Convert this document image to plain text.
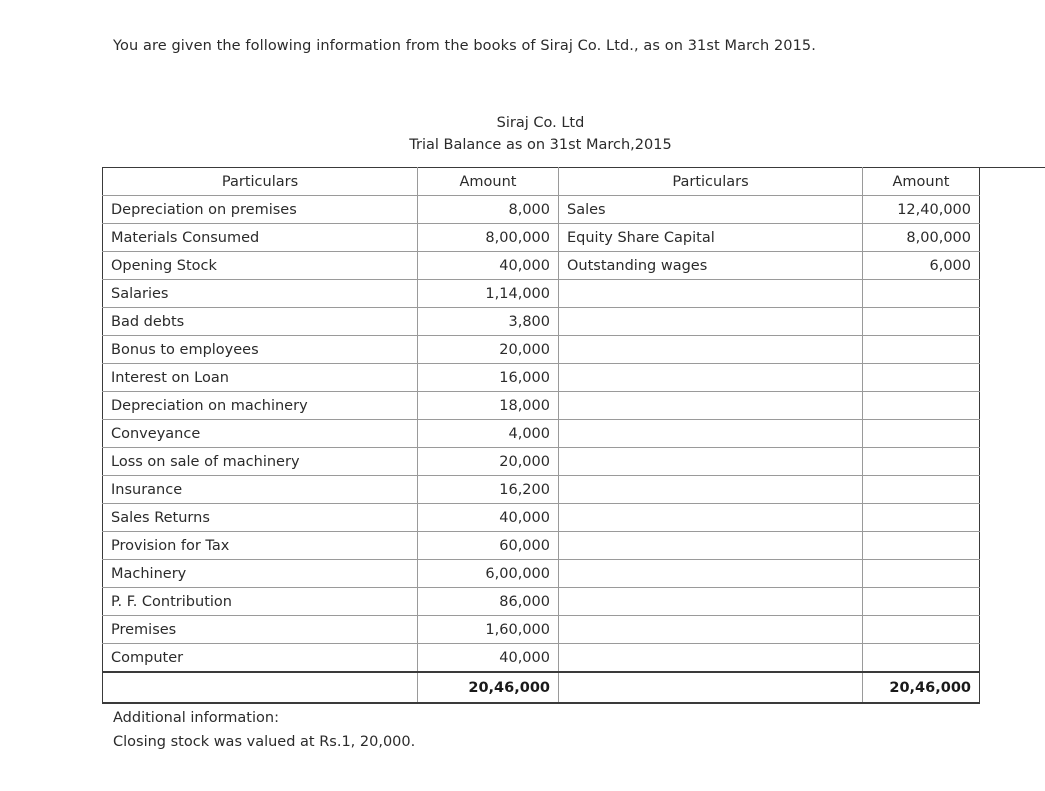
You are given the following information from the books of Siraj Co. Ltd., as on 31st March 2015.
Siraj Co. Ltd
Trial Balance as on 31st March,2015
Particulars	Amount	Particulars	Amount
Depreciation on premises	8,000	Sales	12,40,000
Materials Consumed	8,00,000	Equity Share Capital	8,00,000
Opening Stock	40,000	Outstanding wages	6,000
Salaries	1,14,000		
Bad debts	3,800		
Bonus to employees	20,000		
Interest on Loan	16,000		
Depreciation on machinery	18,000		
Conveyance	4,000		
Loss on sale of machinery	20,000		
Insurance	16,200		
Sales Returns	40,000		
Provision for Tax	60,000		
Machinery	6,00,000		
P. F. Contribution	86,000		
Premises	1,60,000		
Computer	40,000		
	20,46,000		20,46,000
Additional information:
Closing stock was valued at Rs.1, 20,000.
